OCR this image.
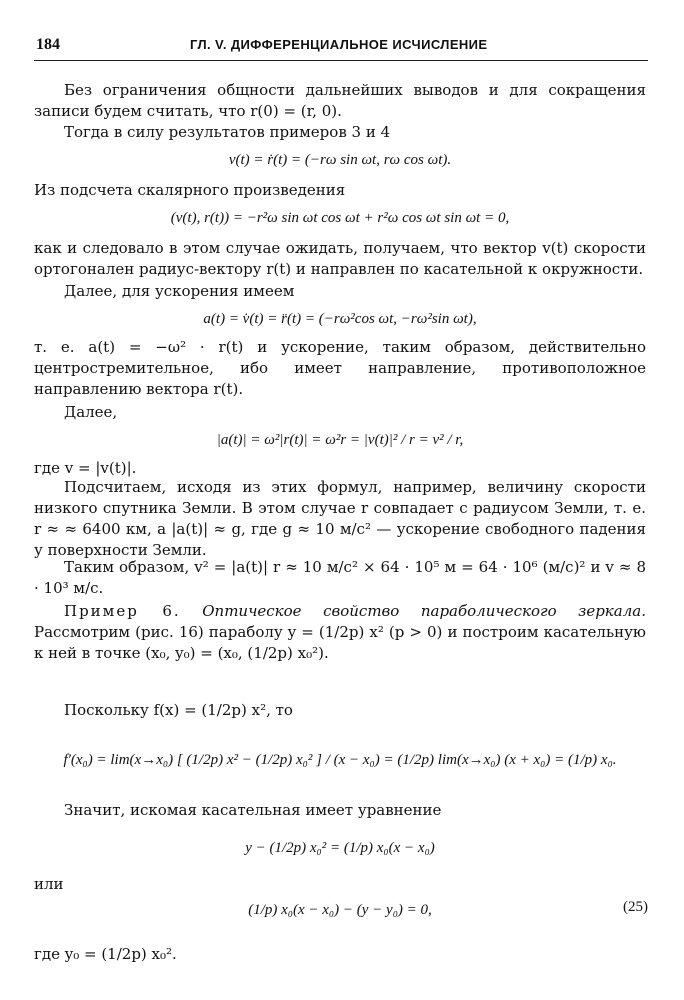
184	ГЛ. V. ДИФФЕРЕНЦИАЛЬНОЕ ИСЧИСЛЕНИЕ

Без ограничения общности дальнейших выводов и для сокращения записи будем считать, что r(0) = (r, 0).

Тогда в силу результатов примеров 3 и 4

v(t) = ṙ(t) = (−rω sin ωt, rω cos ωt).

Из подсчета скалярного произведения

(v(t), r(t)) = −r²ω sin ωt cos ωt + r²ω cos ωt sin ωt = 0,

как и следовало в этом случае ожидать, получаем, что вектор v(t) скорости ортогонален радиус-вектору r(t) и направлен по касательной к окружности.

Далее, для ускорения имеем

a(t) = v̇(t) = r̈(t) = (−rω²cos ωt, −rω²sin ωt),

т. е. a(t) = −ω² · r(t) и ускорение, таким образом, действительно центростремительное, ибо имеет направление, противоположное направлению вектора r(t).

Далее,

|a(t)| = ω²|r(t)| = ω²r = |v(t)|² / r = v² / r,

где v = |v(t)|.

Подсчитаем, исходя из этих формул, например, величину скорости низкого спутника Земли. В этом случае r совпадает с радиусом Земли, т. е. r ≈ ≈ 6400 км, а |a(t)| ≈ g, где g ≈ 10 м/с² — ускорение свободного падения у поверхности Земли.

Таким образом, v² = |a(t)| r ≈ 10 м/с² × 64 · 10⁵ м = 64 · 10⁶ (м/с)² и v ≈ 8 · 10³ м/с.

Пример 6. Оптическое свойство параболического зеркала. Рассмотрим (рис. 16) параболу y = (1/2p) x² (p > 0) и построим касательную к ней в точке (x₀, y₀) = (x₀, (1/2p) x₀²).

Поскольку f(x) = (1/2p) x², то

f′(x₀) = lim(x→x₀) [ (1/2p) x² − (1/2p) x₀² ] / (x − x₀) = (1/2p) lim(x→x₀) (x + x₀) = (1/p) x₀.

Значит, искомая касательная имеет уравнение

y − (1/2p) x₀² = (1/p) x₀(x − x₀)

или

(1/p) x₀(x − x₀) − (y − y₀) = 0,	(25)

где y₀ = (1/2p) x₀².
